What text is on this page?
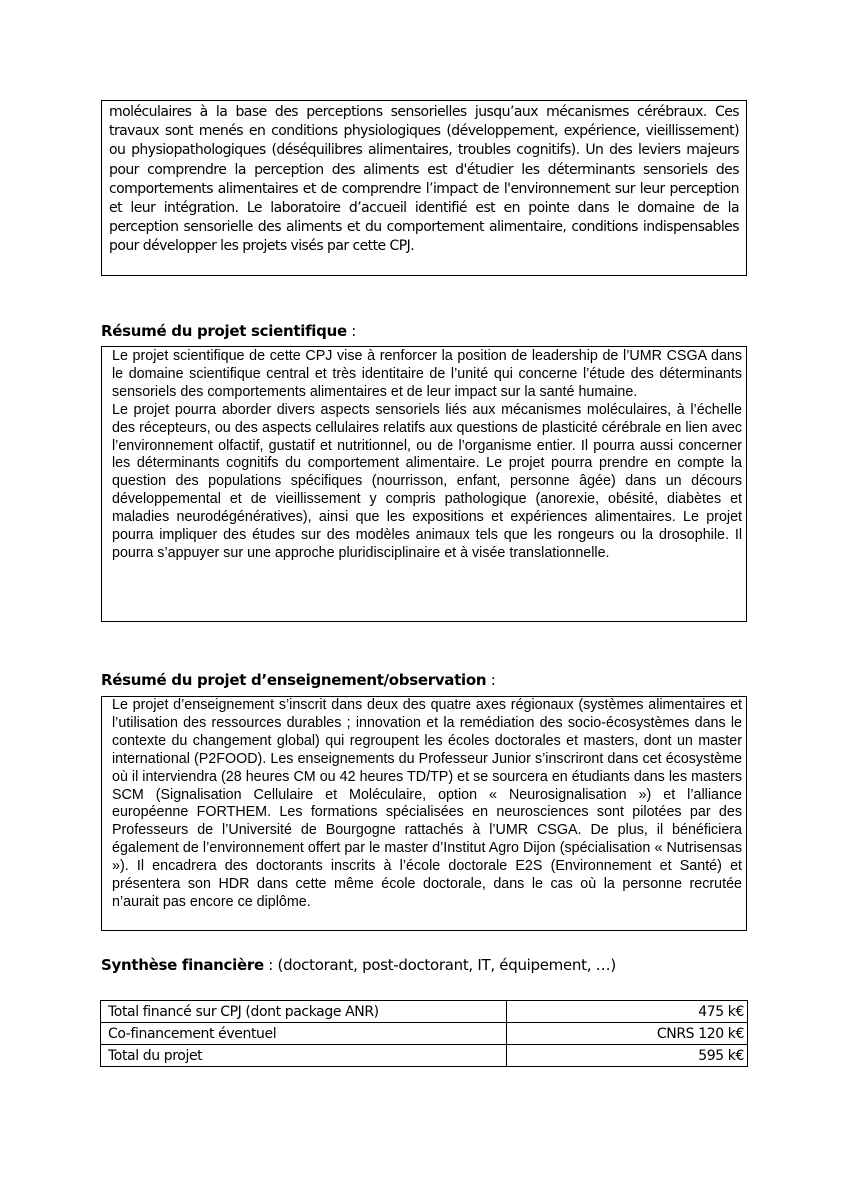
moléculaires à la base des perceptions sensorielles jusqu’aux mécanismes cérébraux. Ces travaux sont menés en conditions physiologiques (développement, expérience, vieillissement) ou physiopathologiques (déséquilibres alimentaires, troubles cognitifs). Un des leviers majeurs pour comprendre la perception des aliments est d'étudier les déterminants sensoriels des comportements alimentaires et de comprendre l’impact de l'environnement sur leur perception et leur intégration. Le laboratoire d’accueil identifié est en pointe dans le domaine de la perception sensorielle des aliments et du comportement alimentaire, conditions indispensables pour développer les projets visés par cette CPJ.

Résumé du projet scientifique :

Le projet scientifique de cette CPJ vise à renforcer la position de leadership de l’UMR CSGA dans le domaine scientifique central et très identitaire de l’unité qui concerne l’étude des déterminants sensoriels des comportements alimentaires et de leur impact sur la santé humaine.

Le projet pourra aborder divers aspects sensoriels liés aux mécanismes moléculaires, à l’échelle des récepteurs, ou des aspects cellulaires relatifs aux questions de plasticité cérébrale en lien avec l’environnement olfactif, gustatif et nutritionnel, ou de l’organisme entier. Il pourra aussi concerner les déterminants cognitifs du comportement alimentaire. Le projet pourra prendre en compte la question des populations spécifiques (nourrisson, enfant, personne âgée) dans un décours développemental et de vieillissement y compris pathologique (anorexie, obésité, diabètes et maladies neurodégénératives), ainsi que les expositions et expériences alimentaires. Le projet pourra impliquer des études sur des modèles animaux tels que les rongeurs ou la drosophile. Il pourra s’appuyer sur une approche pluridisciplinaire et à visée translationnelle.

Résumé du projet d’enseignement/observation :

Le projet d’enseignement s’inscrit dans deux des quatre axes régionaux (systèmes alimentaires et l’utilisation des ressources durables ; innovation et la remédiation des socio-écosystèmes dans le contexte du changement global) qui regroupent les écoles doctorales et masters, dont un master international (P2FOOD). Les enseignements du Professeur Junior s’inscriront dans cet écosystème où il interviendra (28 heures CM ou 42 heures TD/TP) et se sourcera en étudiants dans les masters SCM (Signalisation Cellulaire et Moléculaire, option « Neurosignalisation ») et l’alliance européenne FORTHEM. Les formations spécialisées en neurosciences sont pilotées par des Professeurs de l’Université de Bourgogne rattachés à l’UMR CSGA. De plus, il bénéficiera également de l’environnement offert par le master d’Institut Agro Dijon (spécialisation « Nutrisensas »). Il encadrera des doctorants inscrits à l’école doctorale E2S (Environnement et Santé) et présentera son HDR dans cette même école doctorale, dans le cas où la personne recrutée n’aurait pas encore ce diplôme.

Synthèse financière : (doctorant, post-doctorant, IT, équipement, …)
Total financé sur CPJ (dont package ANR)	475 k€
Co-financement éventuel	CNRS 120 k€
Total du projet	595 k€
